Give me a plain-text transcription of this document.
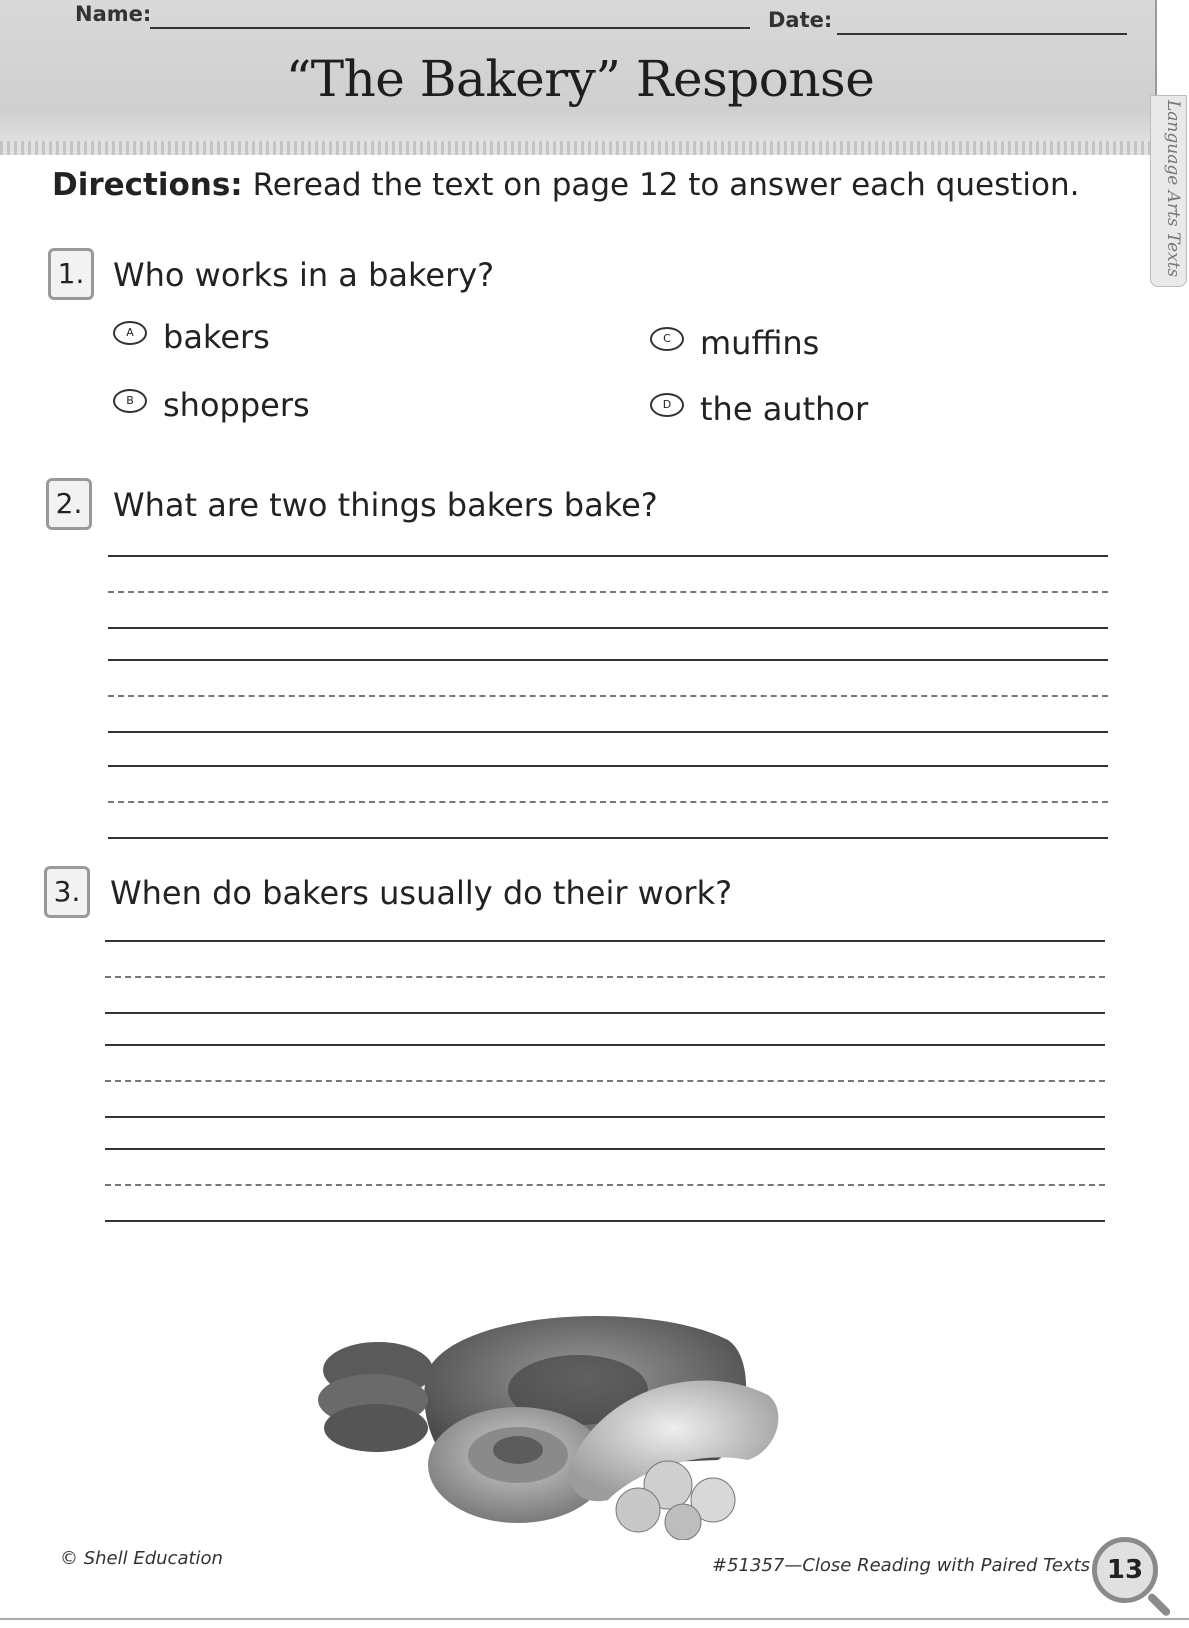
Name:	Date:
“The Bakery” Response
Language Arts Texts
Directions: Reread the text on page 12 to answer each question.
1. Who works in a bakery?
A bakers
B shoppers
C muffins
D the author
2. What are two things bakers bake?
3. When do bakers usually do their work?
© Shell Education	#51357—Close Reading with Paired Texts 13
